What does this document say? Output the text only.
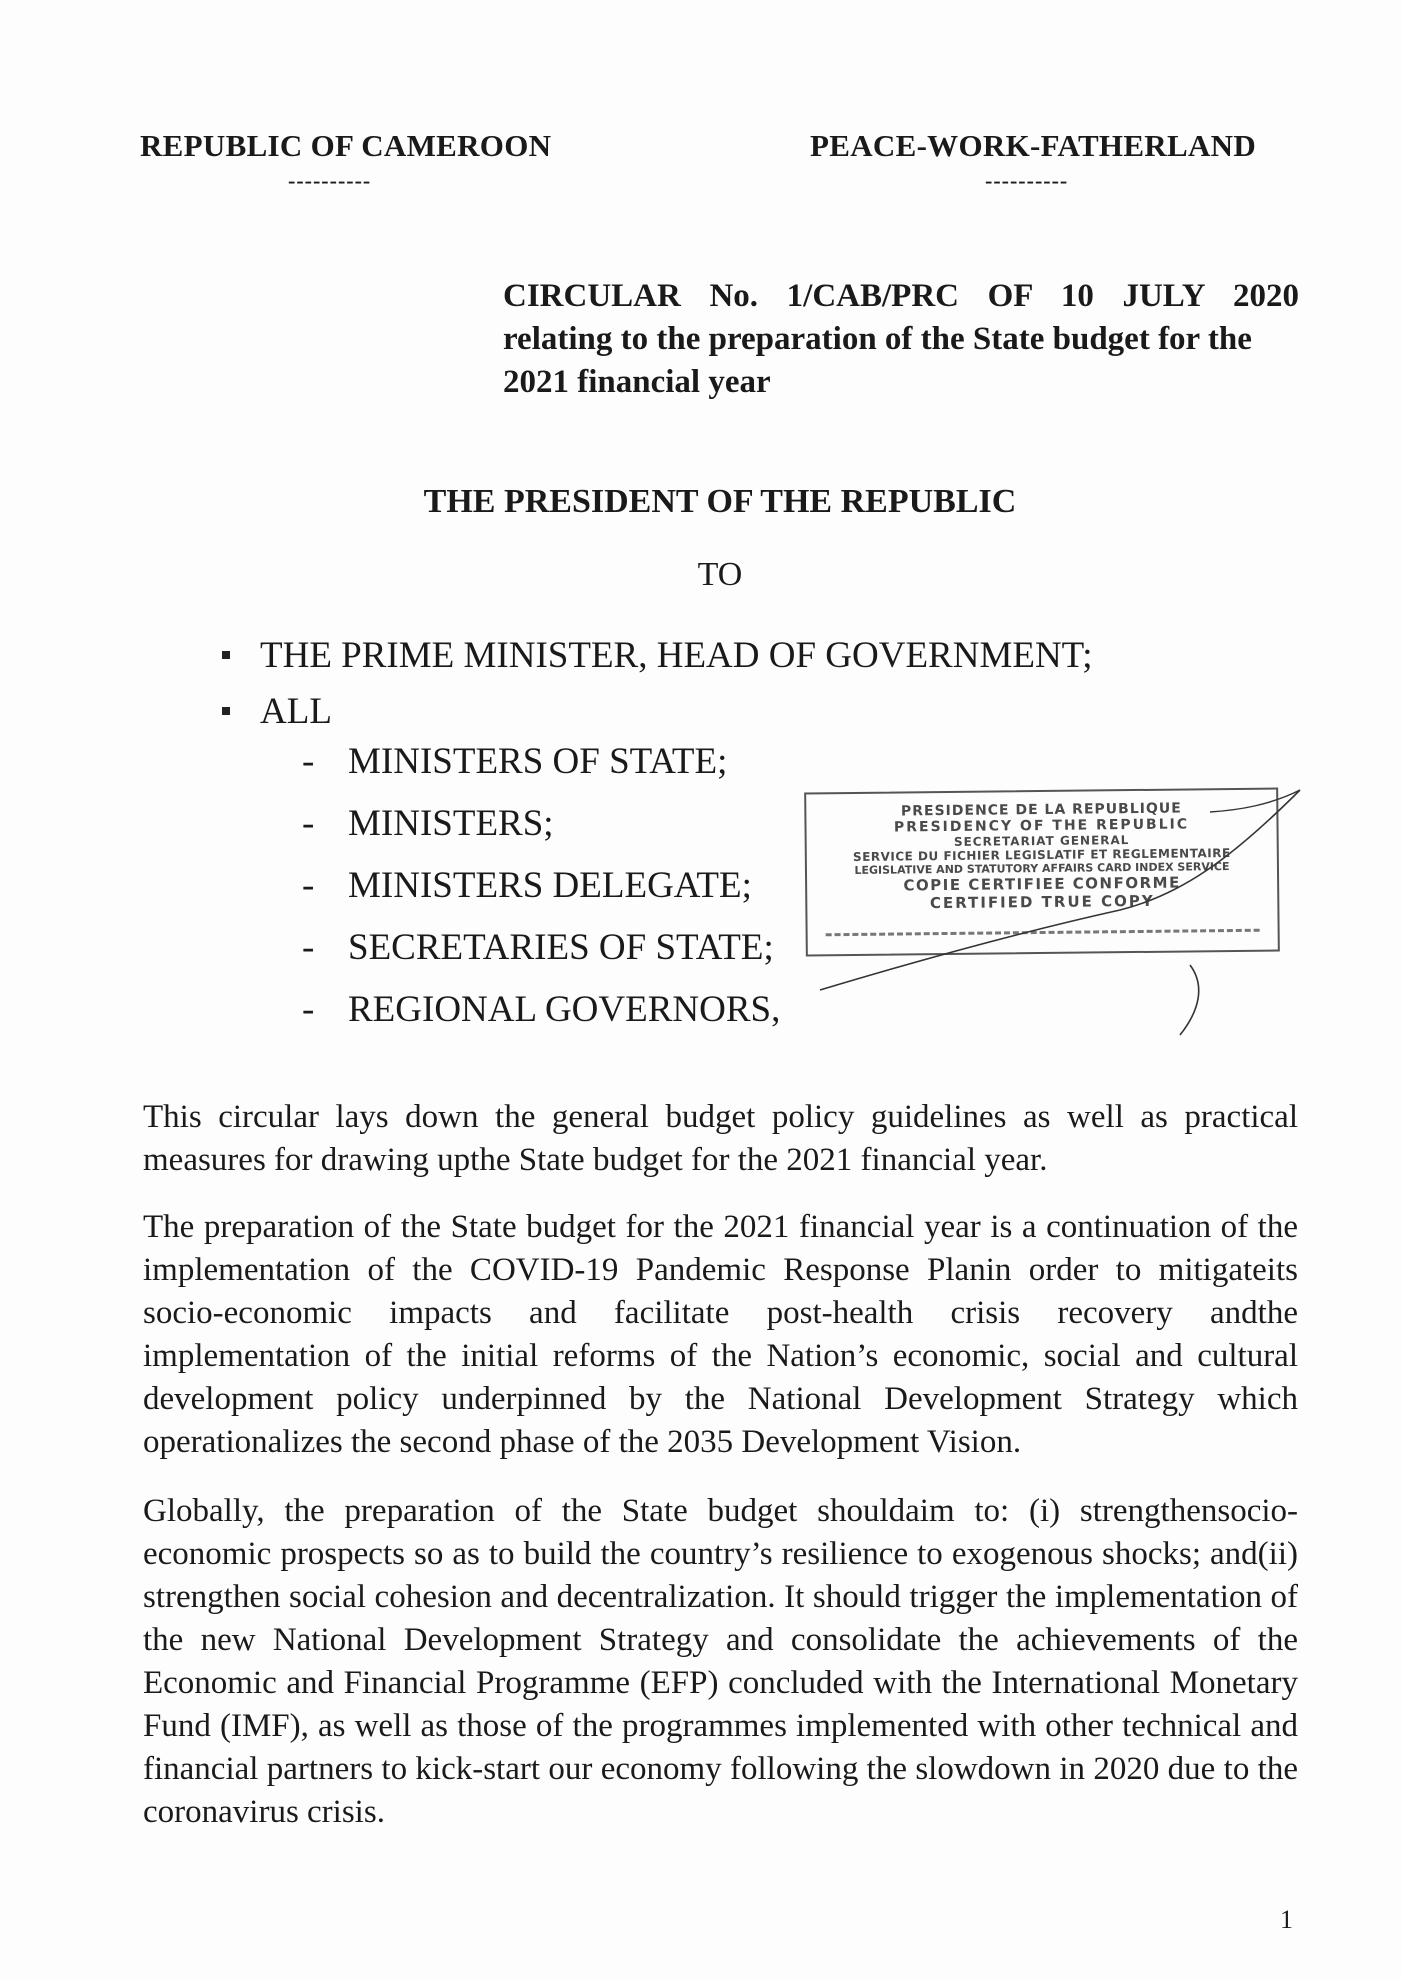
REPUBLIC OF CAMEROON
----------
PEACE-WORK-FATHERLAND
----------
CIRCULAR No. 1/CAB/PRC OF 10 JULY 2020
relating to the preparation of the State budget for the
2021 financial year
THE PRESIDENT OF THE REPUBLIC
TO
THE PRIME MINISTER, HEAD OF GOVERNMENT;
ALL
- MINISTERS OF STATE;
- MINISTERS;
- MINISTERS DELEGATE;
- SECRETARIES OF STATE;
- REGIONAL GOVERNORS,
PRESIDENCE DE LA REPUBLIQUE
PRESIDENCY OF THE REPUBLIC
SECRETARIAT GENERAL
SERVICE DU FICHIER LEGISLATIF ET REGLEMENTAIRE
LEGISLATIVE AND STATUTORY AFFAIRS CARD INDEX SERVICE
COPIE CERTIFIEE CONFORME
CERTIFIED TRUE COPY

This circular lays down the general budget policy guidelines as well as practical measures for drawing upthe State budget for the 2021 financial year.

The preparation of the State budget for the 2021 financial year is a continuation of the implementation of the COVID-19 Pandemic Response Planin order to mitigateits socio-economic impacts and facilitate post-health crisis recovery andthe implementation of the initial reforms of the Nation’s economic, social and cultural development policy underpinned by the National Development Strategy which operationalizes the second phase of the 2035 Development Vision.

Globally, the preparation of the State budget shouldaim to: (i) strengthensocio-economic prospects so as to build the country’s resilience to exogenous shocks; and(ii) strengthen social cohesion and decentralization. It should trigger the implementation of the new National Development Strategy and consolidate the achievements of the Economic and Financial Programme (EFP) concluded with the International Monetary Fund (IMF), as well as those of the programmes implemented with other technical and financial partners to kick-start our economy following the slowdown in 2020 due to the coronavirus crisis.

1
